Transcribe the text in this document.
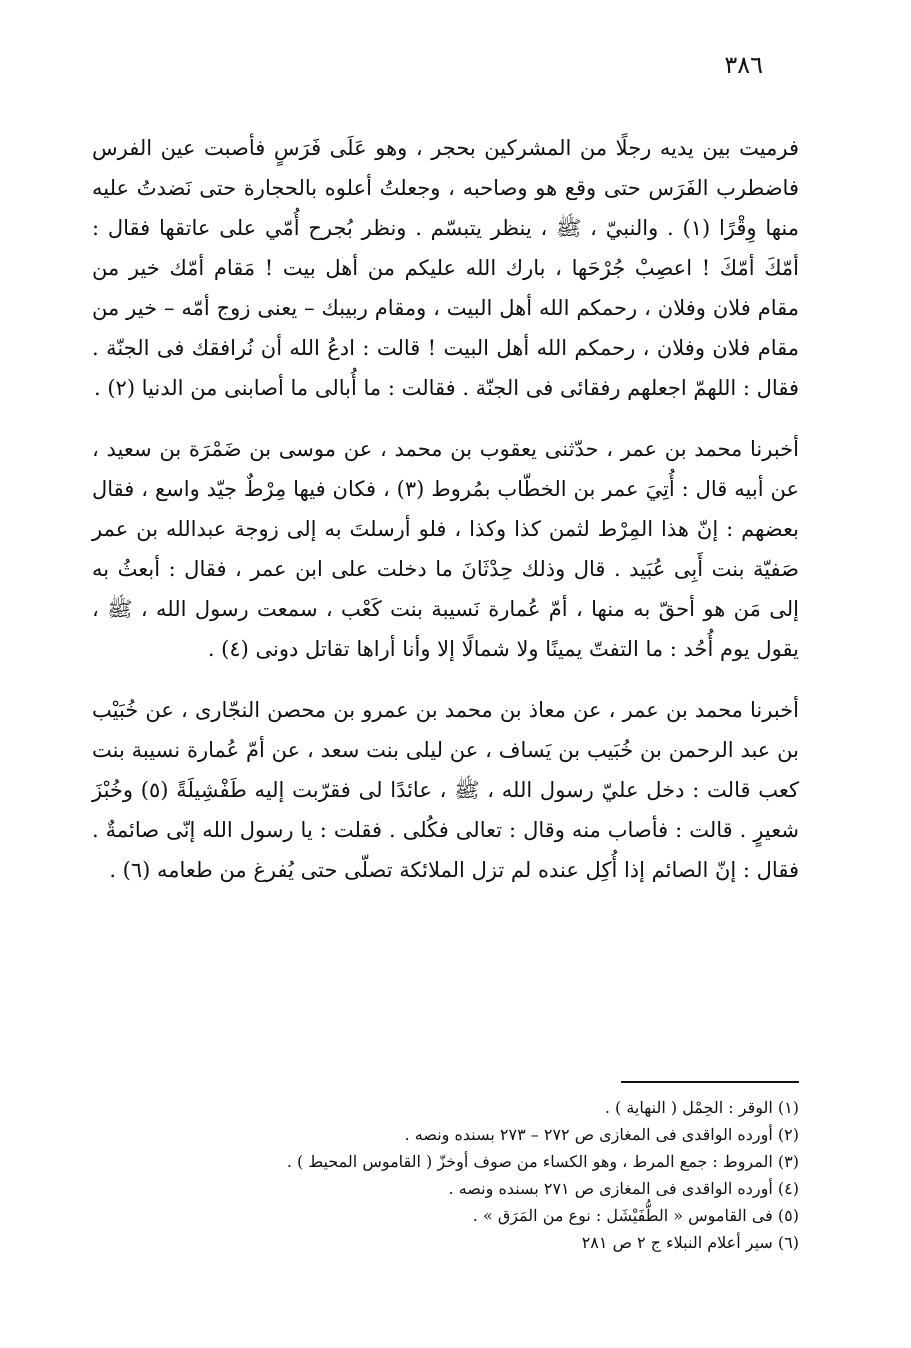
٣٨٦

فرميت بين يديه رجلًا من المشركين بحجر ، وهو عَلَى فَرَسٍ فأصبت عين الفرس فاضطرب الفَرَس حتى وقع هو وصاحبه ، وجعلتُ أعلوه بالحجارة حتى نَضدتُ عليه منها وِقْرًا (١) . والنبيّ ، ﷺ ، ينظر يتبسّم . ونظر بُجرح أُمّي على عاتقها فقال : أمّكَ أمّكَ ! اعصِبْ جُرْحَها ، بارك الله عليكم من أهل بيت ! مَقام أمّك خير من مقام فلان وفلان ، رحمكم الله أهل البيت ، ومقام ربيبك – يعنى زوج أمّه – خير من مقام فلان وفلان ، رحمكم الله أهل البيت ! قالت : ادعُ الله أن نُرافقك فى الجنّة . فقال : اللهمّ اجعلهم رفقائى فى الجنّة . فقالت : ما أُبالى ما أصابنى من الدنيا (٢) .

أخبرنا محمد بن عمر ، حدّثنى يعقوب بن محمد ، عن موسى بن ضَمْرَة بن سعيد ، عن أبيه قال : أُتِيَ عمر بن الخطّاب بمُروط (٣) ، فكان فيها مِرْطٌ جيّد واسع ، فقال بعضهم : إنّ هذا المِرْط لثمن كذا وكذا ، فلو أرسلتَ به إلى زوجة عبدالله بن عمر صَفيّة بنت أَبِى عُبَيد . قال وذلك حِدْثَانَ ما دخلت على ابن عمر ، فقال : أبعثُ به إلى مَن هو أحقّ به منها ، أمّ عُمارة نَسيبة بنت كَعْب ، سمعت رسول الله ، ﷺ ، يقول يوم أُحُد : ما التفتّ يمينًا ولا شمالًا إلا وأنا أراها تقاتل دونى (٤) .

أخبرنا محمد بن عمر ، عن معاذ بن محمد بن عمرو بن محصن النجّارى ، عن خُبَيْب بن عبد الرحمن بن خُبَيب بن يَساف ، عن ليلى بنت سعد ، عن أمّ عُمارة نسيبة بنت كعب قالت : دخل عليّ رسول الله ، ﷺ ، عائدًا لى فقرّبت إليه طَفْشِيلَةً (٥) وخُبْزَ شعيرٍ . قالت : فأصاب منه وقال : تعالى فكُلى . فقلت : يا رسول الله إنّى صائمةٌ . فقال : إنّ الصائم إذا أُكِل عنده لم تزل الملائكة تصلّى حتى يُفرغ من طعامه (٦) .

(١) الوقر : الحِمْل ( النهاية ) .

(٢) أورده الواقدى فى المغازى ص ٢٧٢ – ٢٧٣ بسنده ونصه .

(٣) المروط : جمع المرط ، وهو الكساء من صوف أوخزّ ( القاموس المحيط ) .

(٤) أورده الواقدى فى المغازى ص ٢٧١ بسنده ونصه .

(٥) فى القاموس « الطُّفَيْشَل : نوع من المَرَق » .

(٦) سير أعلام النبلاء ج ٢ ص ٢٨١
